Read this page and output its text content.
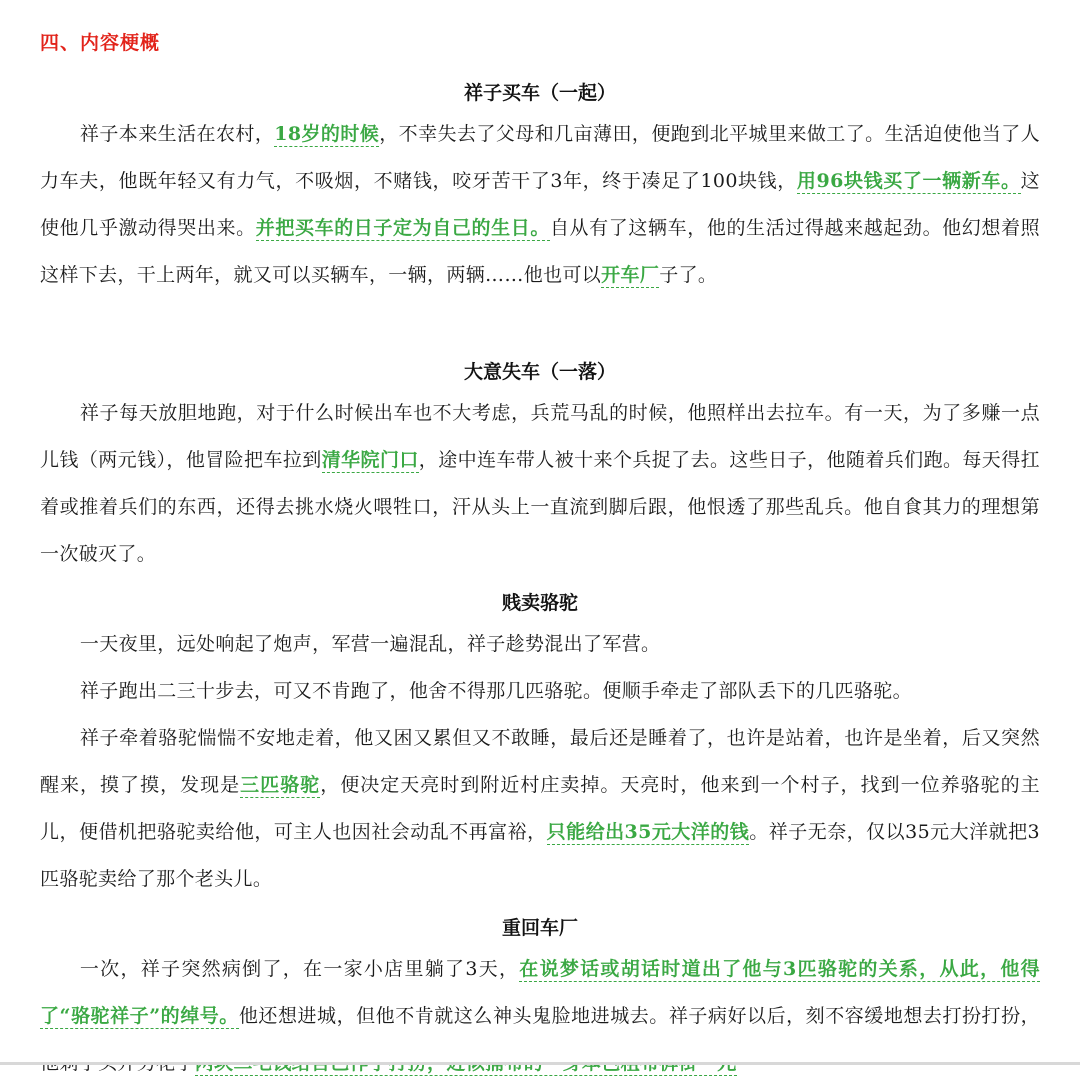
四、内容梗概
祥子买车（一起）

祥子本来生活在农村，18岁的时候，不幸失去了父母和几亩薄田，便跑到北平城里来做工了。生活迫使他当了人力车夫，他既年轻又有力气，不吸烟，不赌钱，咬牙苦干了3年，终于凑足了100块钱，用96块钱买了一辆新车。这使他几乎激动得哭出来。并把买车的日子定为自己的生日。自从有了这辆车，他的生活过得越来越起劲。他幻想着照这样下去，干上两年，就又可以买辆车，一辆，两辆……他也可以开车厂子了。

大意失车（一落）

祥子每天放胆地跑，对于什么时候出车也不大考虑，兵荒马乱的时候，他照样出去拉车。有一天，为了多赚一点儿钱（两元钱），他冒险把车拉到清华院门口，途中连车带人被十来个兵捉了去。这些日子，他随着兵们跑。每天得扛着或推着兵们的东西，还得去挑水烧火喂牲口，汗从头上一直流到脚后跟，他恨透了那些乱兵。他自食其力的理想第一次破灭了。

贱卖骆驼

一天夜里，远处响起了炮声，军营一遍混乱，祥子趁势混出了军营。

祥子跑出二三十步去，可又不肯跑了，他舍不得那几匹骆驼。便顺手牵走了部队丢下的几匹骆驼。

祥子牵着骆驼惴惴不安地走着，他又困又累但又不敢睡，最后还是睡着了，也许是站着，也许是坐着，后又突然醒来，摸了摸，发现是三匹骆驼，便决定天亮时到附近村庄卖掉。天亮时，他来到一个村子，找到一位养骆驼的主儿，便借机把骆驼卖给他，可主人也因社会动乱不再富裕，只能给出35元大洋的钱。祥子无奈，仅以35元大洋就把3匹骆驼卖给了那个老头儿。

重回车厂

一次，祥子突然病倒了，在一家小店里躺了3天，在说梦话或胡话时道出了他与3匹骆驼的关系，从此，他得了“骆驼祥子”的绰号。他还想进城，但他不肯就这么神头鬼脸地进城去。祥子病好以后，刻不容缓地想去打扮打扮，
